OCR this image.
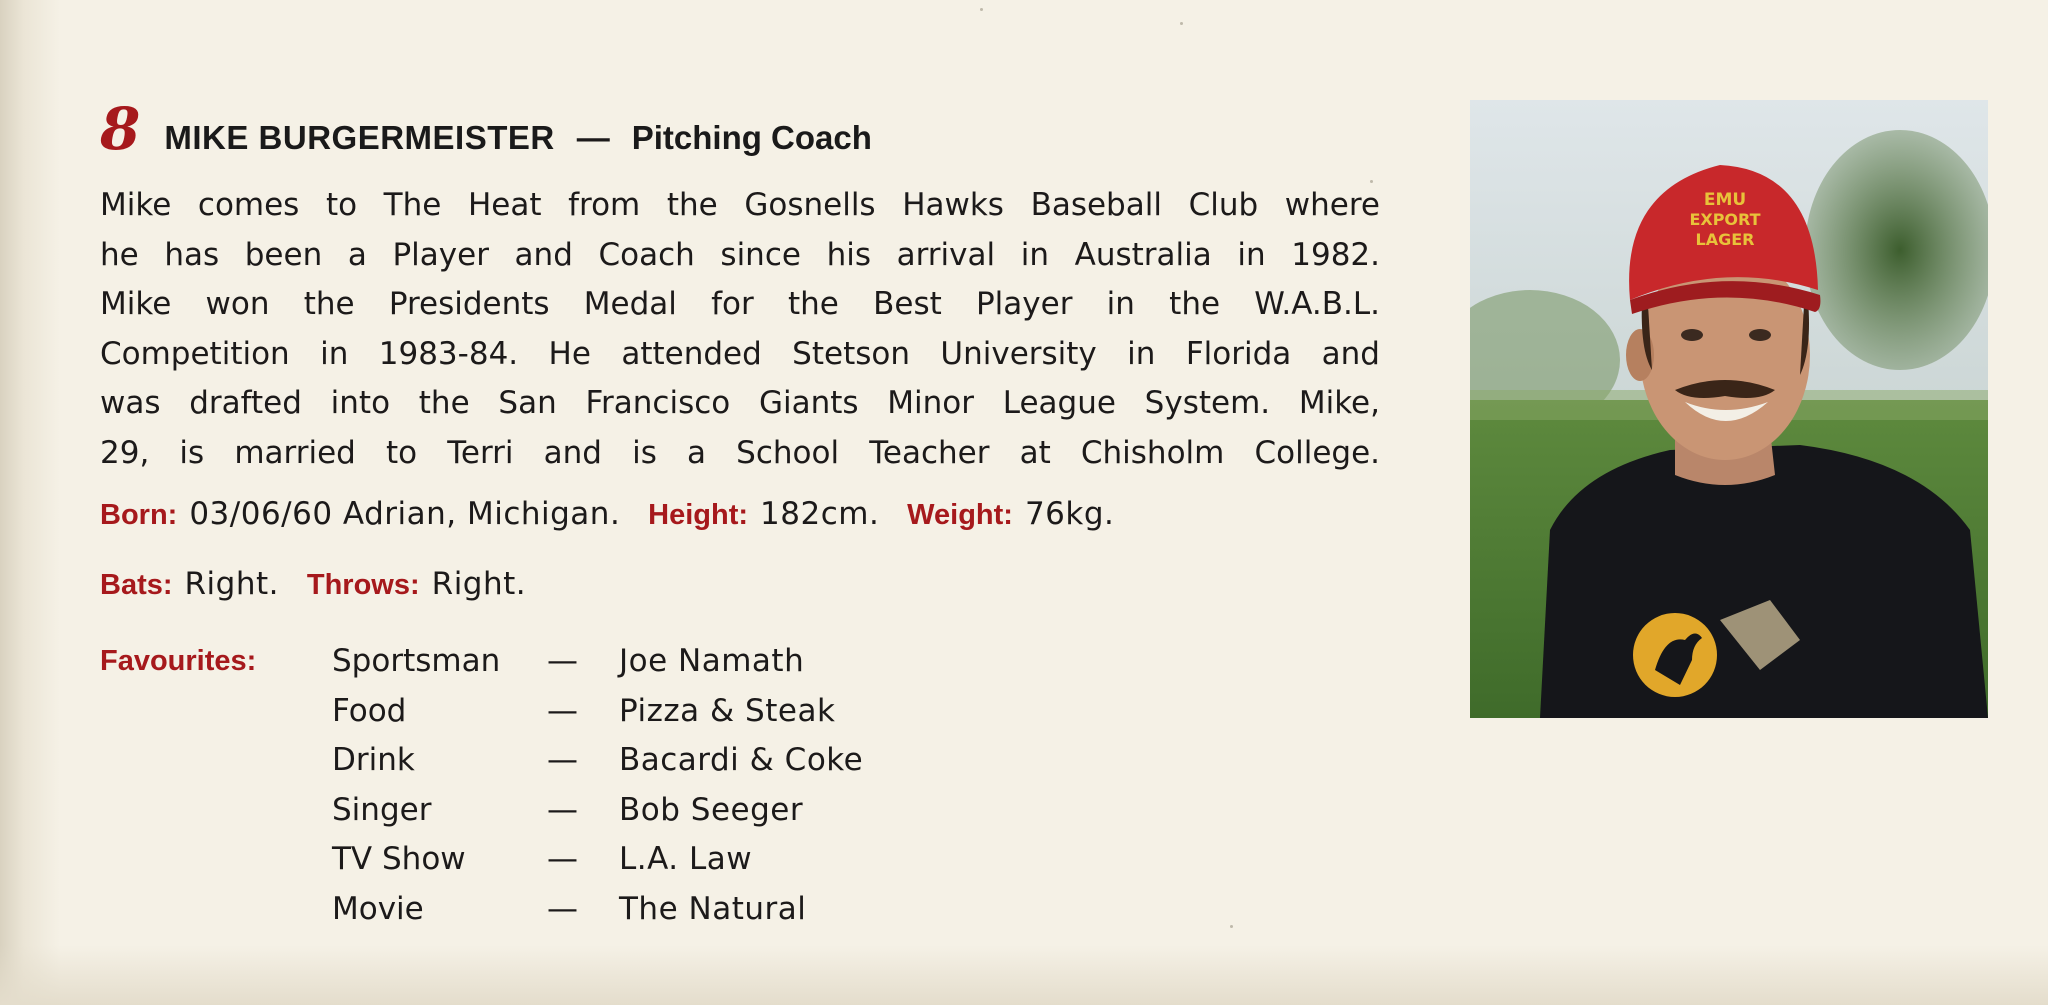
8 MIKE BURGERMEISTER — Pitching Coach
Mike comes to The Heat from the Gosnells Hawks Baseball Club where
he has been a Player and Coach since his arrival in Australia in 1982.
Mike won the Presidents Medal for the Best Player in the W.A.B.L.
Competition in 1983-84. He attended Stetson University in Florida and
was drafted into the San Francisco Giants Minor League System. Mike,
29, is married to Terri and is a School Teacher at Chisholm College.
Born: 03/06/60 Adrian, Michigan. Height: 182cm. Weight: 76kg.
Bats: Right. Throws: Right.
Favourites:	Sportsman	—	Joe Namath
Food	—	Pizza & Steak
Drink	—	Bacardi & Coke
Singer	—	Bob Seeger
TV Show	—	L.A. Law
Movie	—	The Natural
EMU
EXPORT
LAGER
